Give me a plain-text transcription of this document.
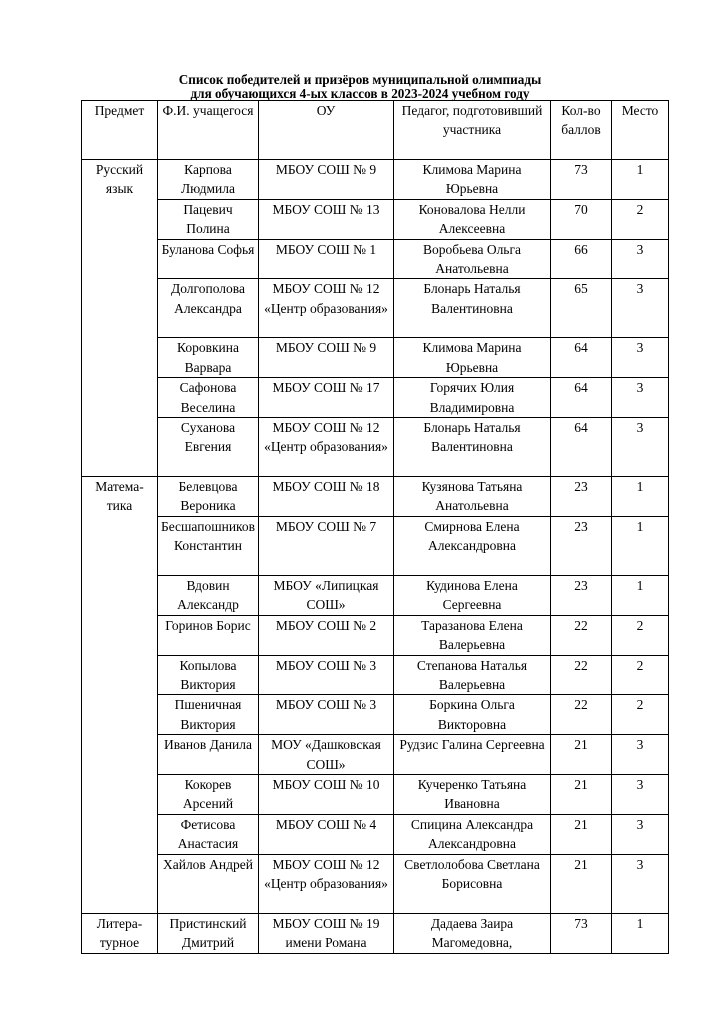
Список победителей и призёров муниципальной олимпиады
для обучающихся 4-ых классов в 2023-2024 учебном году
Предмет	Ф.И. учащегося	ОУ	Педагог, подготовивший участника	Кол-во баллов	Место
Русский язык	Карпова Людмила	МБОУ СОШ № 9	Климова Марина Юрьевна	73	1
	Пацевич Полина	МБОУ СОШ № 13	Коновалова Нелли Алексеевна	70	2
	Буланова Софья	МБОУ СОШ № 1	Воробьева Ольга Анатольевна	66	3
	Долгополова Александра	МБОУ СОШ № 12 «Центр образования»	Блонарь Наталья Валентиновна	65	3
	Коровкина Варвара	МБОУ СОШ № 9	Климова Марина Юрьевна	64	3
	Сафонова Веселина	МБОУ СОШ № 17	Горячих Юлия Владимировна	64	3
	Суханова Евгения	МБОУ СОШ № 12 «Центр образования»	Блонарь Наталья Валентиновна	64	3
Матема-тика	Белевцова Вероника	МБОУ СОШ № 18	Кузянова Татьяна Анатольевна	23	1
	Бесшапошников Константин	МБОУ СОШ № 7	Смирнова Елена Александровна	23	1
	Вдовин Александр	МБОУ «Липицкая СОШ»	Кудинова Елена Сергеевна	23	1
	Горинов Борис	МБОУ СОШ № 2	Таразанова Елена Валерьевна	22	2
	Копылова Виктория	МБОУ СОШ № 3	Степанова Наталья Валерьевна	22	2
	Пшеничная Виктория	МБОУ СОШ № 3	Боркина Ольга Викторовна	22	2
	Иванов Данила	МОУ «Дашковская СОШ»	Рудзис Галина Сергеевна	21	3
	Кокорев Арсений	МБОУ СОШ № 10	Кучеренко Татьяна Ивановна	21	3
	Фетисова Анастасия	МБОУ СОШ № 4	Спицина Александра Александровна	21	3
	Хайлов Андрей	МБОУ СОШ № 12 «Центр образования»	Светлолобова Светлана Борисовна	21	3
Литера-турное	Пристинский Дмитрий	МБОУ СОШ № 19 имени Романа	Дадаева Заира Магомедовна,	73	1
